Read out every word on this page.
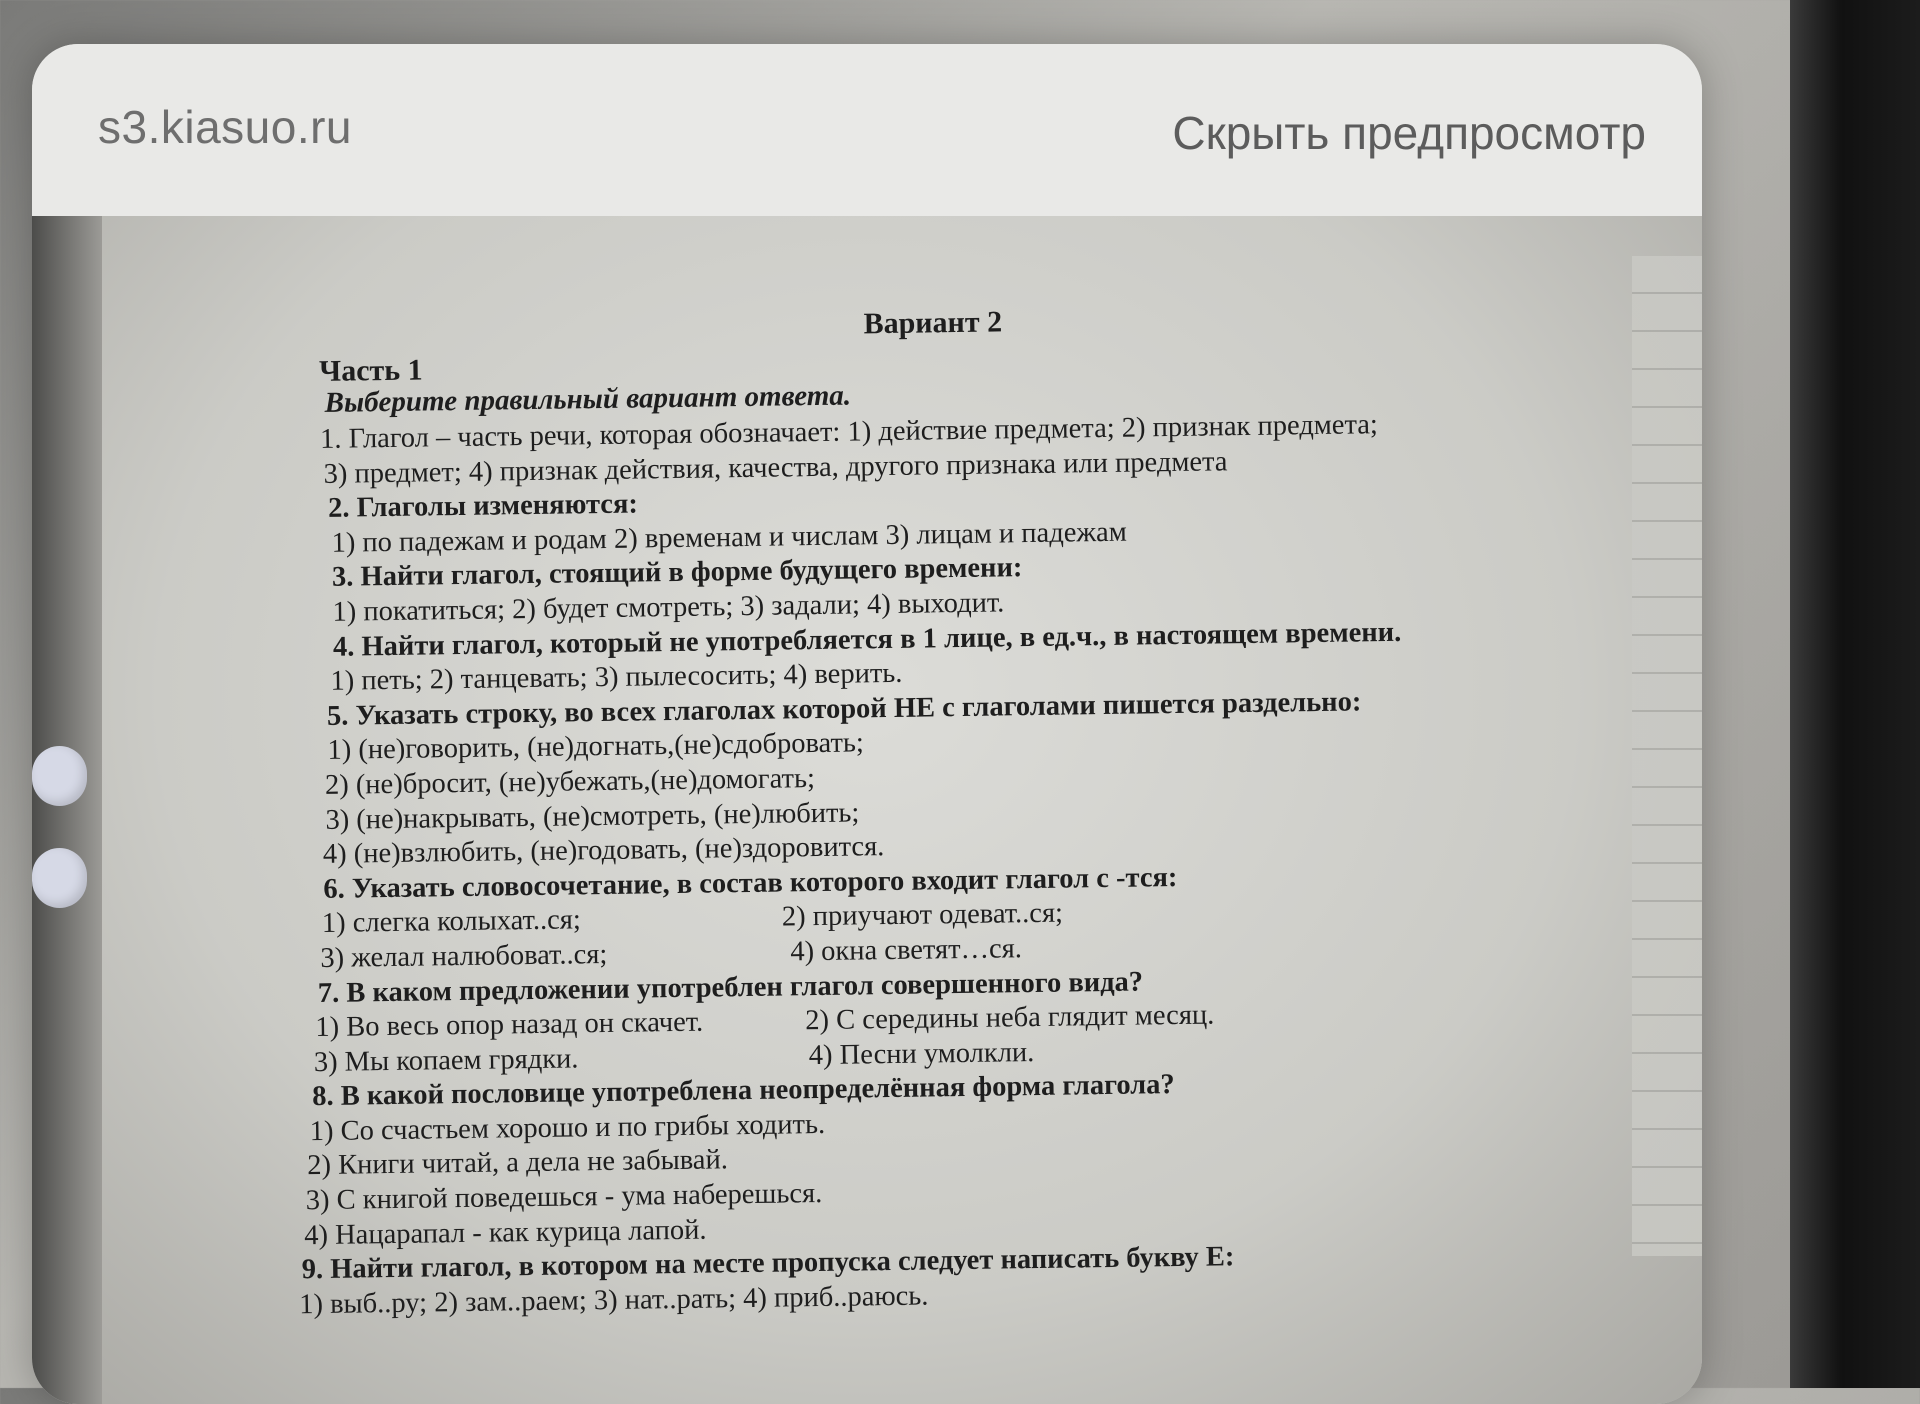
s3.kiasuo.ru	Скрыть предпросмотр
Вариант 2
Часть 1
Выберите правильный вариант ответа.
1. Глагол – часть речи, которая обозначает: 1) действие предмета; 2) признак предмета;
3) предмет; 4) признак действия, качества, другого признака или предмета
2. Глаголы изменяются:
1) по падежам и родам 2) временам и числам 3) лицам и падежам
3. Найти глагол, стоящий в форме будущего времени:
1) покатиться; 2) будет смотреть; 3) задали; 4) выходит.
4. Найти глагол, который не употребляется в 1 лице, в ед.ч., в настоящем времени.
1) петь; 2) танцевать; 3) пылесосить; 4) верить.
5. Указать строку, во всех глаголах которой НЕ с глаголами пишется раздельно:
1) (не)говорить, (не)догнать,(не)сдобровать;
2) (не)бросит, (не)убежать,(не)домогать;
3) (не)накрывать, (не)смотреть, (не)любить;
4) (не)взлюбить, (не)годовать, (не)здоровится.
6. Указать словосочетание, в состав которого входит глагол с -тся:
1) слегка колыхат..ся;	2) приучают одеват..ся;
3) желал налюбоват..ся;	4) окна светят…ся.
7. В каком предложении употреблен глагол совершенного вида?
1) Во весь опор назад он скачет.	2) С середины неба глядит месяц.
3) Мы копаем грядки.	4) Песни умолкли.
8. В какой пословице употреблена неопределённая форма глагола?
1) Со счастьем хорошо и по грибы ходить.
2) Книги читай, а дела не забывай.
3) С книгой поведешься - ума наберешься.
4) Нацарапал - как курица лапой.
9. Найти глагол, в котором на месте пропуска следует написать букву Е:
1) выб..ру; 2) зам..раем; 3) нат..рать; 4) приб..раюсь.
